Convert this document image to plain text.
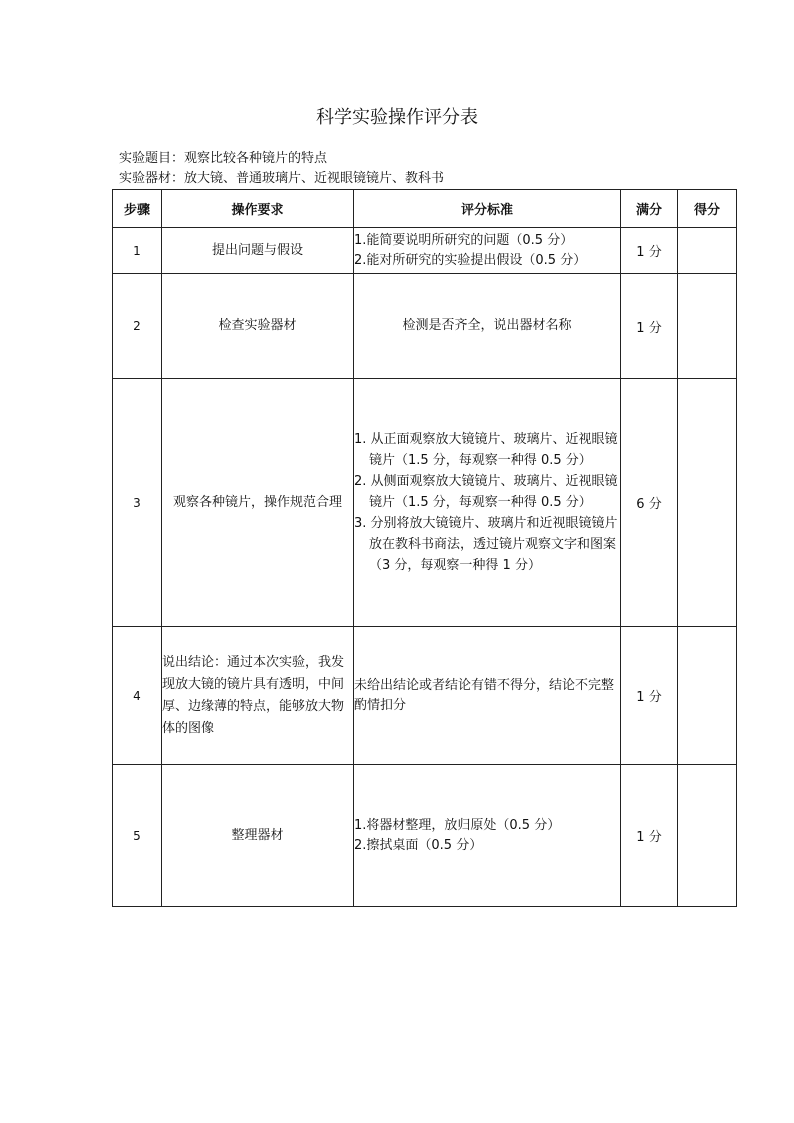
科学实验操作评分表
实验题目：观察比较各种镜片的特点
实验器材：放大镜、普通玻璃片、近视眼镜镜片、教科书
步骤	操作要求	评分标准	满分	得分
1	提出问题与假设	1.能简要说明所研究的问题（0.5 分）
2.能对所研究的实验提出假设（0.5 分）	1 分	
2	检查实验器材	检测是否齐全，说出器材名称	1 分	
3	观察各种镜片，操作规范合理	1. 从正面观察放大镜镜片、玻璃片、近视眼镜镜片（1.5 分，每观察一种得 0.5 分）
2. 从侧面观察放大镜镜片、玻璃片、近视眼镜镜片（1.5 分，每观察一种得 0.5 分）
3. 分别将放大镜镜片、玻璃片和近视眼镜镜片放在教科书商法，透过镜片观察文字和图案（3 分，每观察一种得 1 分）	6 分	
4	说出结论：通过本次实验，我发现放大镜的镜片具有透明，中间厚、边缘薄的特点，能够放大物体的图像	未给出结论或者结论有错不得分，结论不完整酌情扣分	1 分	
5	整理器材	1.将器材整理，放归原处（0.5 分）
2.擦拭桌面（0.5 分）	1 分	
